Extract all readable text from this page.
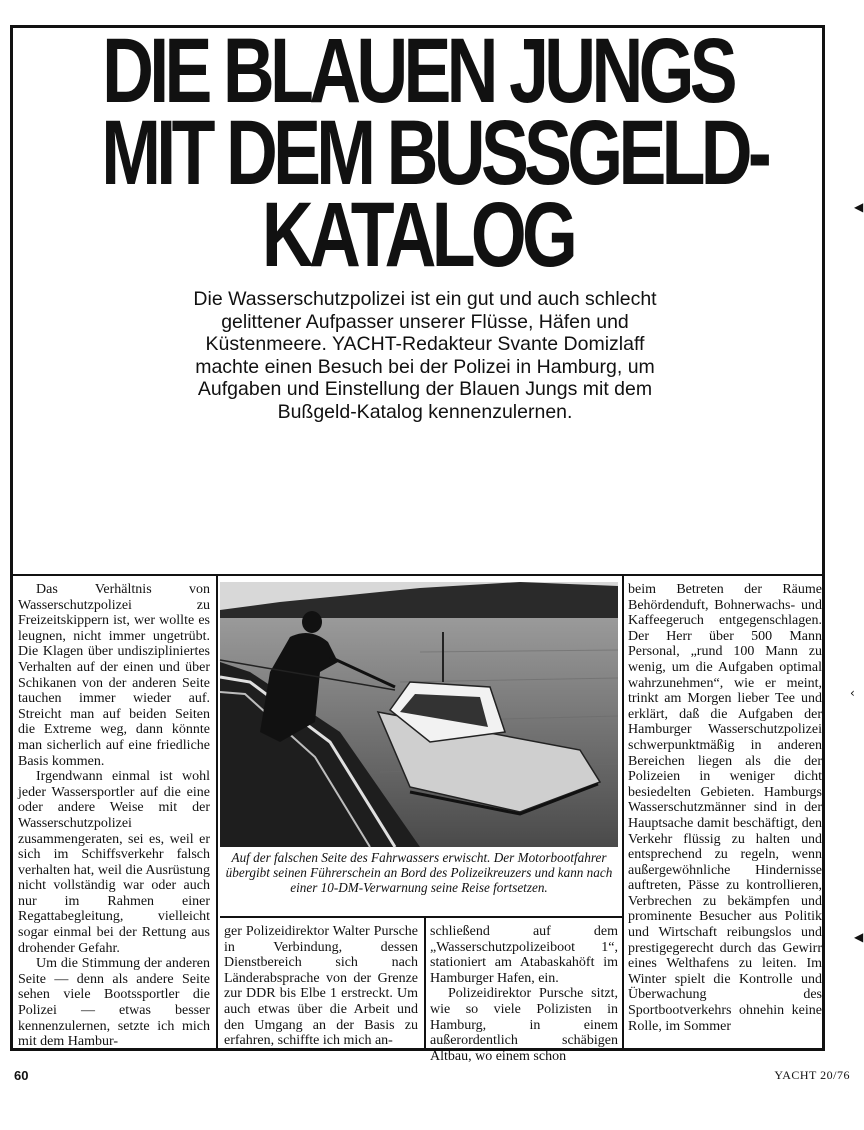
DIE BLAUEN JUNGS
MIT DEM BUSSGELD-
KATALOG
Die Wasserschutzpolizei ist ein gut und auch schlecht gelittener Aufpasser unserer Flüsse, Häfen und Küstenmeere. YACHT-Redakteur Svante Domizlaff machte einen Besuch bei der Polizei in Hamburg, um Aufgaben und Einstellung der Blauen Jungs mit dem Bußgeld-Katalog kennenzulernen.

Das Verhältnis von Wasserschutzpolizei zu Freizeitskippern ist, wer wollte es leugnen, nicht immer ungetrübt. Die Klagen über undiszipliniertes Verhalten auf der einen und über Schikanen von der anderen Seite tauchen immer wieder auf. Streicht man auf beiden Seiten die Extreme weg, dann könnte man sicherlich auf eine friedliche Basis kommen.

Irgendwann einmal ist wohl jeder Wassersportler auf die eine oder andere Weise mit der Wasserschutzpolizei zusammengeraten, sei es, weil er sich im Schiffsverkehr falsch verhalten hat, weil die Ausrüstung nicht vollständig war oder auch nur im Rahmen einer Regattabegleitung, vielleicht sogar einmal bei der Rettung aus drohender Gefahr.

Um die Stimmung der anderen Seite — denn als andere Seite sehen viele Bootssportler die Polizei — etwas besser kennenzulernen, setzte ich mich mit dem Hambur-

Auf der falschen Seite des Fahrwassers erwischt. Der Motorbootfahrer übergibt seinen Führerschein an Bord des Polizeikreuzers und kann nach einer 10-DM-Verwarnung seine Reise fortsetzen.

ger Polizeidirektor Walter Pursche in Verbindung, dessen Dienstbereich sich nach Länderabsprache von der Grenze zur DDR bis Elbe 1 erstreckt. Um auch etwas über die Arbeit und den Umgang an der Basis zu erfahren, schiffte ich mich an-

schließend auf dem „Wasserschutzpolizeiboot 1“, stationiert am Atabaskahöft im Hamburger Hafen, ein.

Polizeidirektor Pursche sitzt, wie so viele Polizisten in Hamburg, in einem außerordentlich schäbigen Altbau, wo einem schon

beim Betreten der Räume Behördenduft, Bohnerwachs- und Kaffeegeruch entgegenschlagen. Der Herr über 500 Mann Personal, „rund 100 Mann zu wenig, um die Aufgaben optimal wahrzunehmen“, wie er meint, trinkt am Morgen lieber Tee und erklärt, daß die Aufgaben der Hamburger Wasserschutzpolizei schwerpunktmäßig in anderen Bereichen liegen als die der Polizeien in weniger dicht besiedelten Gebieten. Hamburgs Wasserschutzmänner sind in der Hauptsache damit beschäftigt, den Verkehr flüssig zu halten und entsprechend zu regeln, wenn außergewöhnliche Hindernisse auftreten, Pässe zu kontrollieren, Verbrechen zu bekämpfen und prominente Besucher aus Politik und Wirtschaft reibungslos und prestigegerecht durch das Gewirr eines Welthafens zu leiten. Im Winter spielt die Kontrolle und Überwachung des Sportbootverkehrs ohnehin keine Rolle, im Sommer

60	YACHT 20/76
◀
‹
◀
